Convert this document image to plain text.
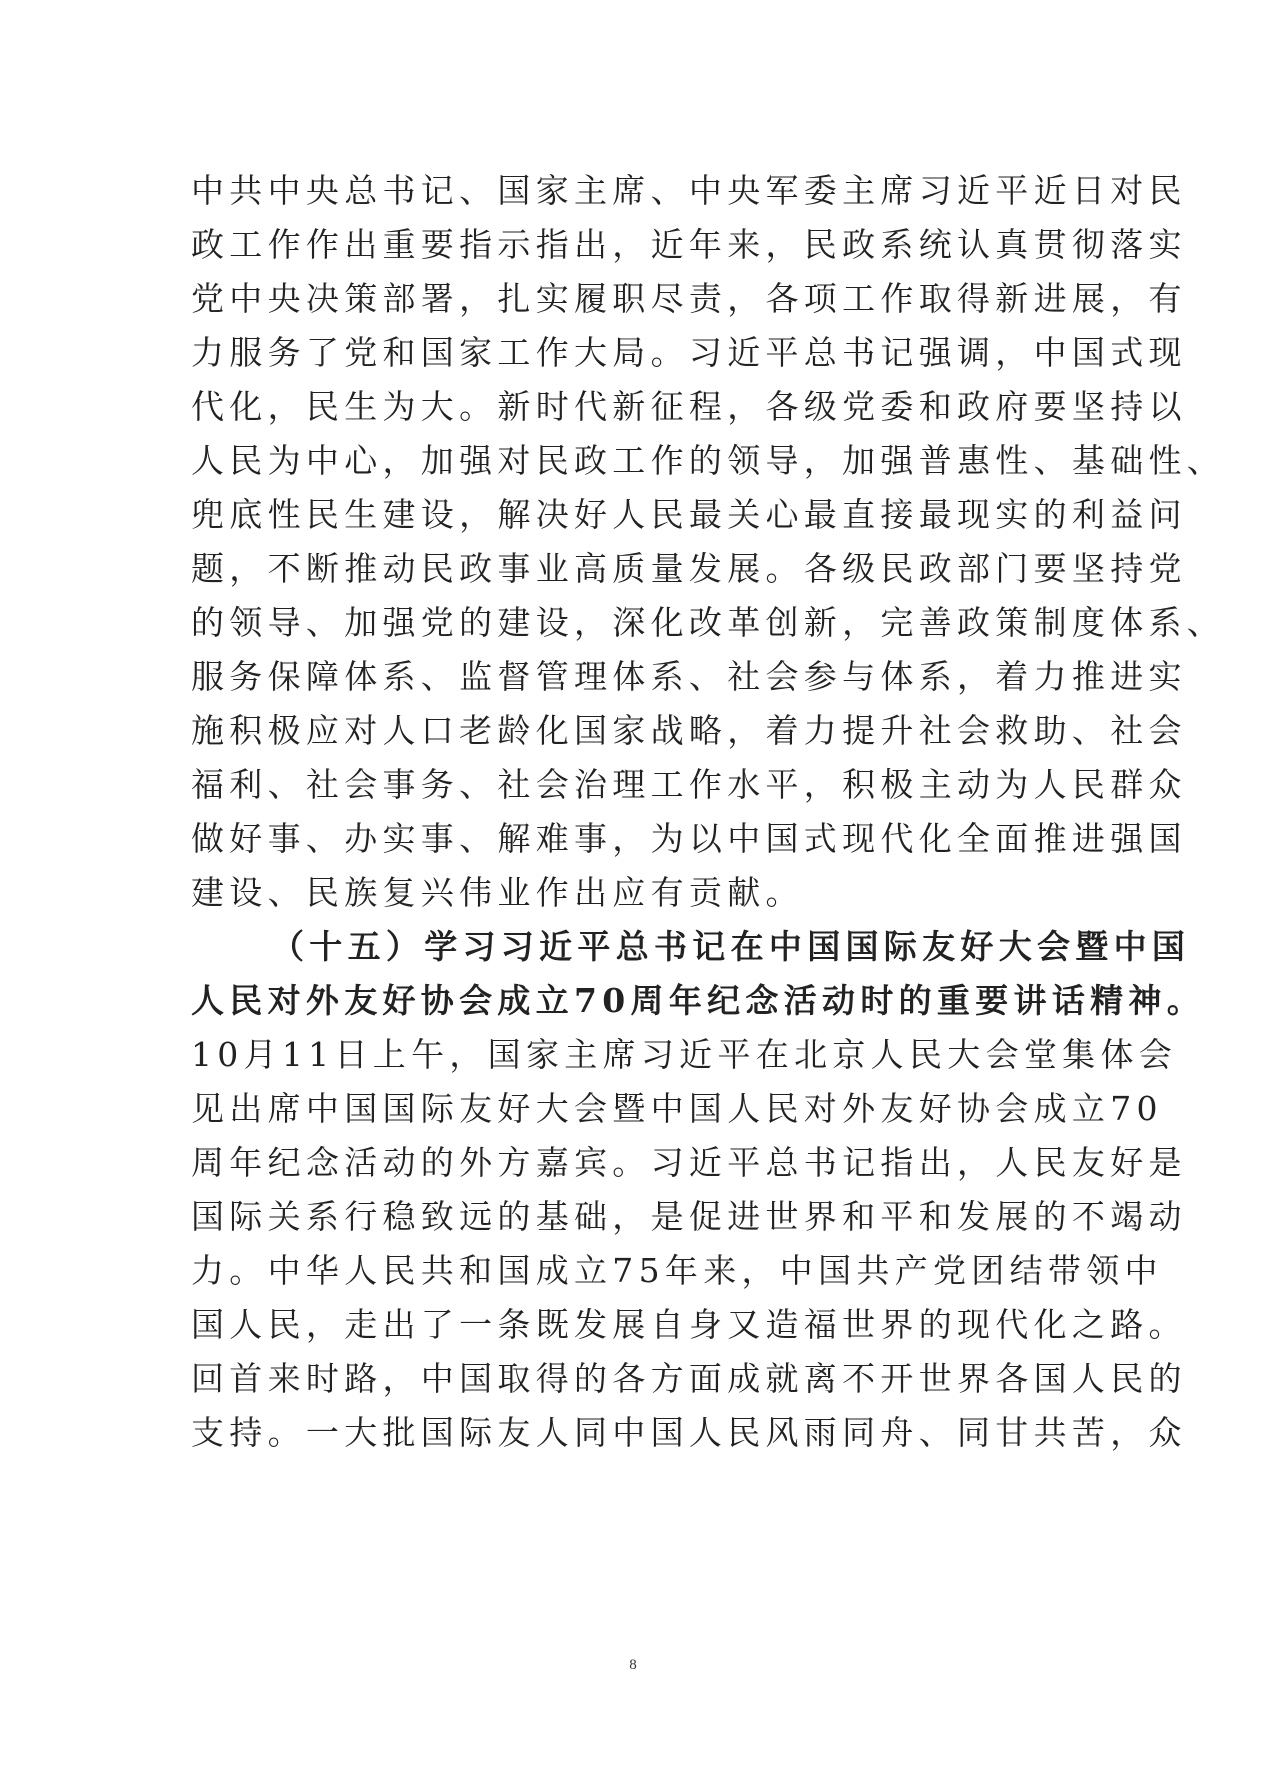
中共中央总书记、国家主席、中央军委主席习近平近日对民
政工作作出重要指示指出，近年来，民政系统认真贯彻落实
党中央决策部署，扎实履职尽责，各项工作取得新进展，有
力服务了党和国家工作大局。习近平总书记强调，中国式现
代化，民生为大。新时代新征程，各级党委和政府要坚持以
人民为中心，加强对民政工作的领导，加强普惠性、基础性、
兜底性民生建设，解决好人民最关心最直接最现实的利益问
题，不断推动民政事业高质量发展。各级民政部门要坚持党
的领导、加强党的建设，深化改革创新，完善政策制度体系、
服务保障体系、监督管理体系、社会参与体系，着力推进实
施积极应对人口老龄化国家战略，着力提升社会救助、社会
福利、社会事务、社会治理工作水平，积极主动为人民群众
做好事、办实事、解难事，为以中国式现代化全面推进强国
建设、民族复兴伟业作出应有贡献。
（十五）学习习近平总书记在中国国际友好大会暨中国
人民对外友好协会成立70周年纪念活动时的重要讲话精神。
10月11日上午，国家主席习近平在北京人民大会堂集体会
见出席中国国际友好大会暨中国人民对外友好协会成立70
周年纪念活动的外方嘉宾。习近平总书记指出，人民友好是
国际关系行稳致远的基础，是促进世界和平和发展的不竭动
力。中华人民共和国成立75年来，中国共产党团结带领中
国人民，走出了一条既发展自身又造福世界的现代化之路。
回首来时路，中国取得的各方面成就离不开世界各国人民的
支持。一大批国际友人同中国人民风雨同舟、同甘共苦，众
8
